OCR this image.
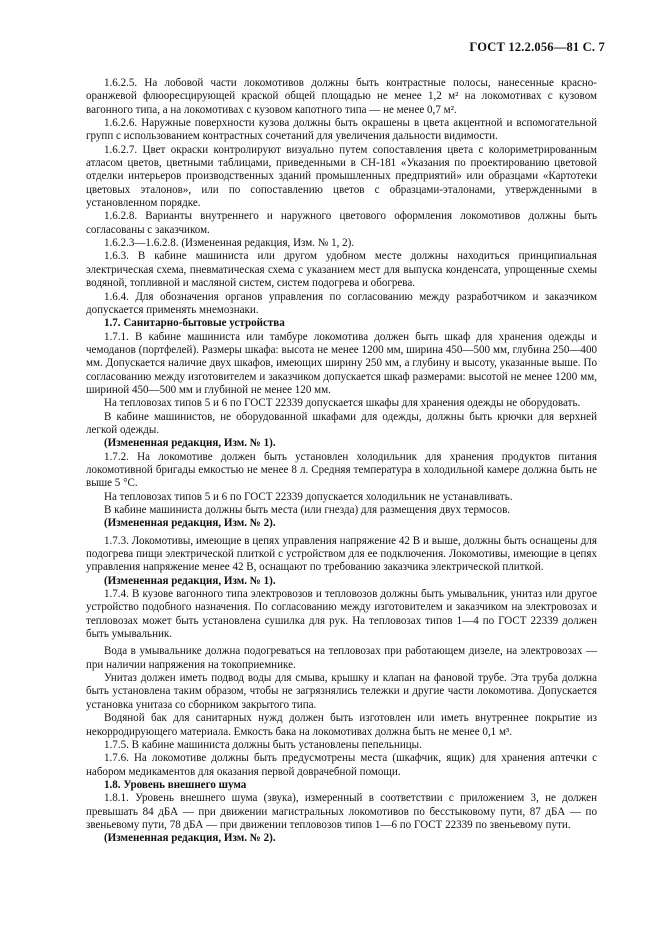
ГОСТ 12.2.056—81 С. 7

1.6.2.5. На лобовой части локомотивов должны быть контрастные полосы, нанесенные красно-оранжевой флюоресцирующей краской общей площадью не менее 1,2 м² на локомотивах с кузовом вагонного типа, а на локомотивах с кузовом капотного типа — не менее 0,7 м².

1.6.2.6. Наружные поверхности кузова должны быть окрашены в цвета акцентной и вспомогательной групп с использованием контрастных сочетаний для увеличения дальности видимости.

1.6.2.7. Цвет окраски контролируют визуально путем сопоставления цвета с колориметрированным атласом цветов, цветными таблицами, приведенными в СН-181 «Указания по проектированию цветовой отделки интерьеров производственных зданий промышленных предприятий» или образцами «Картотеки цветовых эталонов», или по сопоставлению цветов с образцами-эталонами, утвержденными в установленном порядке.

1.6.2.8. Варианты внутреннего и наружного цветового оформления локомотивов должны быть согласованы с заказчиком.

1.6.2.3—1.6.2.8. (Измененная редакция, Изм. № 1, 2).

1.6.3. В кабине машиниста или другом удобном месте должны находиться принципиальная электрическая схема, пневматическая схема с указанием мест для выпуска конденсата, упрощенные схемы водяной, топливной и масляной систем, систем подогрева и обогрева.

1.6.4. Для обозначения органов управления по согласованию между разработчиком и заказчиком допускается применять мнемознаки.

1.7. Санитарно-бытовые устройства

1.7.1. В кабине машиниста или тамбуре локомотива должен быть шкаф для хранения одежды и чемоданов (портфелей). Размеры шкафа: высота не менее 1200 мм, ширина 450—500 мм, глубина 250—400 мм. Допускается наличие двух шкафов, имеющих ширину 250 мм, а глубину и высоту, указанные выше. По согласованию между изготовителем и заказчиком допускается шкаф размерами: высотой не менее 1200 мм, шириной 450—500 мм и глубиной не менее 120 мм.

На тепловозах типов 5 и 6 по ГОСТ 22339 допускается шкафы для хранения одежды не оборудовать.

В кабине машинистов, не оборудованной шкафами для одежды, должны быть крючки для верхней легкой одежды.

(Измененная редакция, Изм. № 1).

1.7.2. На локомотиве должен быть установлен холодильник для хранения продуктов питания локомотивной бригады емкостью не менее 8 л. Средняя температура в холодильной камере должна быть не выше 5 °С.

На тепловозах типов 5 и 6 по ГОСТ 22339 допускается холодильник не устанавливать.

В кабине машиниста должны быть места (или гнезда) для размещения двух термосов.

(Измененная редакция, Изм. № 2).

1.7.3. Локомотивы, имеющие в цепях управления напряжение 42 В и выше, должны быть оснащены для подогрева пищи электрической плиткой с устройством для ее подключения. Локомотивы, имеющие в цепях управления напряжение менее 42 В, оснащают по требованию заказчика электрической плиткой.

(Измененная редакция, Изм. № 1).

1.7.4. В кузове вагонного типа электровозов и тепловозов должны быть умывальник, унитаз или другое устройство подобного назначения. По согласованию между изготовителем и заказчиком на электровозах и тепловозах может быть установлена сушилка для рук. На тепловозах типов 1—4 по ГОСТ 22339 должен быть умывальник.

Вода в умывальнике должна подогреваться на тепловозах при работающем дизеле, на электровозах — при наличии напряжения на токоприемнике.

Унитаз должен иметь подвод воды для смыва, крышку и клапан на фановой трубе. Эта труба должна быть установлена таким образом, чтобы не загрязнялись тележки и другие части локомотива. Допускается установка унитаза со сборником закрытого типа.

Водяной бак для санитарных нужд должен быть изготовлен или иметь внутреннее покрытие из некорродирующего материала. Емкость бака на локомотивах должна быть не менее 0,1 м³.

1.7.5. В кабине машиниста должны быть установлены пепельницы.

1.7.6. На локомотиве должны быть предусмотрены места (шкафчик, ящик) для хранения аптечки с набором медикаментов для оказания первой доврачебной помощи.

1.8. Уровень внешнего шума

1.8.1. Уровень внешнего шума (звука), измеренный в соответствии с приложением 3, не должен превышать 84 дБА — при движении магистральных локомотивов по бесстыковому пути, 87 дБА — по звеньевому пути, 78 дБА — при движении тепловозов типов 1—6 по ГОСТ 22339 по звеньевому пути.

(Измененная редакция, Изм. № 2).
